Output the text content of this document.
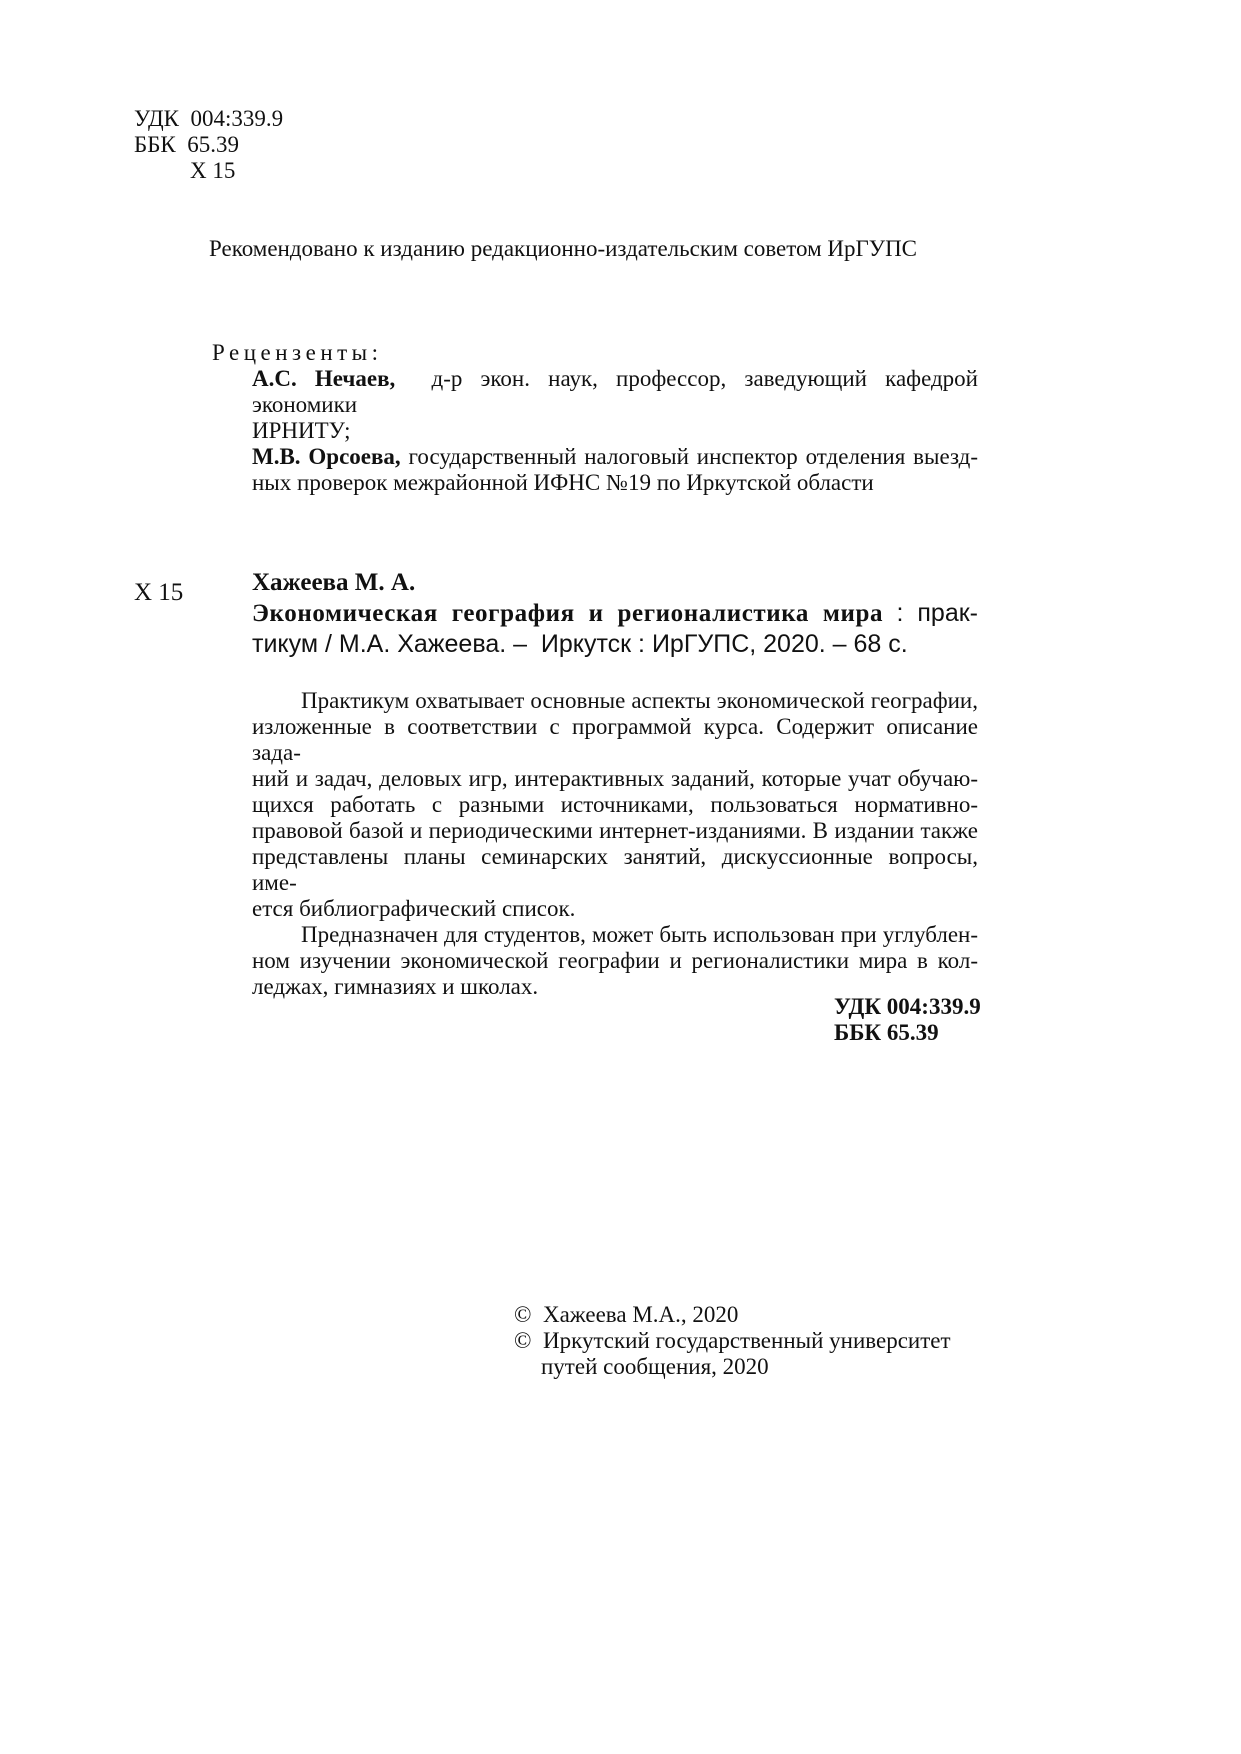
УДК  004:339.9
ББК  65.39
Х 15
Рекомендовано к изданию редакционно-издательским советом ИрГУПС
Рецензенты:
А.С. Нечаев, д-р экон. наук, профессор, заведующий кафедрой экономики
ИРНИТУ;
М.В. Орсоева, государственный налоговый инспектор отделения выезд-
ных проверок межрайонной ИФНС №19 по Иркутской области
Х 15	Хажеева М. А.
Экономическая география и регионалистика мира : прак-
тикум / М.А. Хажеева. –  Иркутск : ИрГУПС, 2020. – 68 с.
Практикум охватывает основные аспекты экономической географии,
изложенные в соответствии с программой курса. Содержит описание зада-
ний и задач, деловых игр, интерактивных заданий, которые учат обучаю-
щихся работать с разными источниками, пользоваться нормативно-
правовой базой и периодическими интернет-изданиями. В издании также
представлены планы семинарских занятий, дискуссионные вопросы, име-
ется библиографический список.
Предназначен для студентов, может быть использован при углублен-
ном изучении экономической географии и регионалистики мира в кол-
леджах, гимназиях и школах.
УДК 004:339.9
ББК 65.39
© Хажеева М.А., 2020
© Иркутский государственный университет
путей сообщения, 2020
